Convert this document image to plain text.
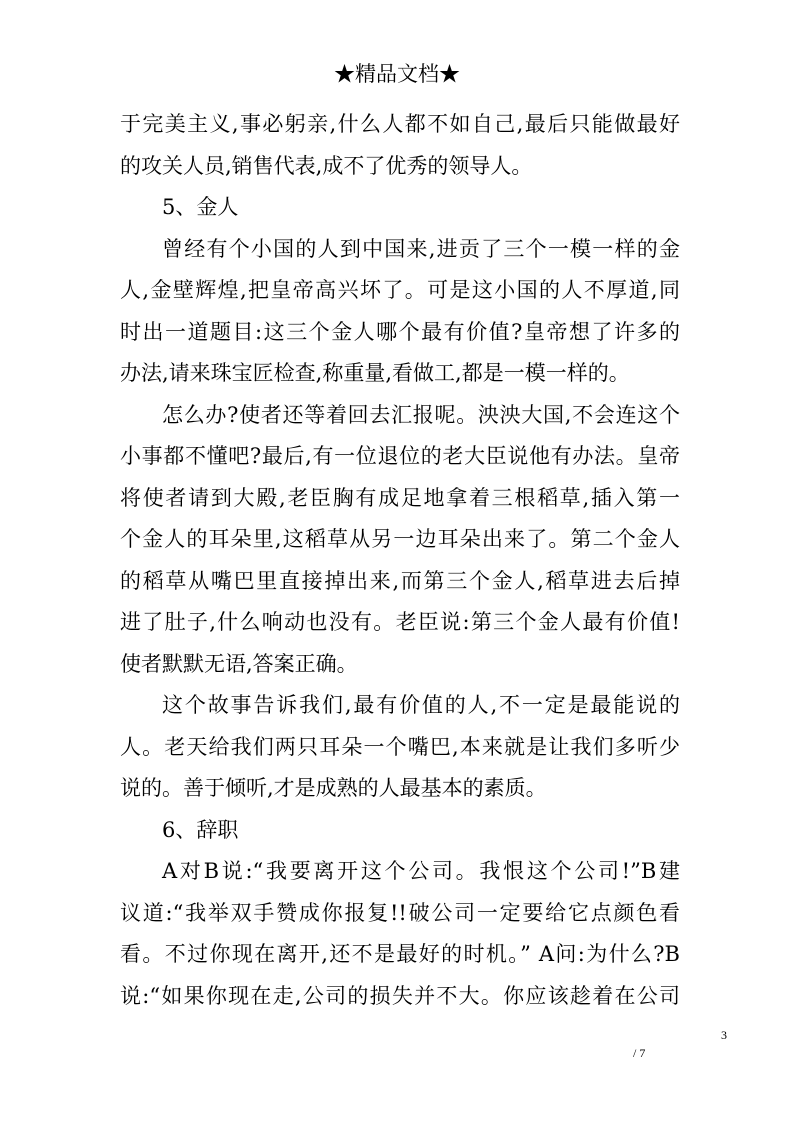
★精品文档★
于完美主义,事必躬亲,什么人都不如自己,最后只能做最好
的攻关人员,销售代表,成不了优秀的领导人。
5、金人
曾经有个小国的人到中国来,进贡了三个一模一样的金
人,金壁辉煌,把皇帝高兴坏了。可是这小国的人不厚道,同
时出一道题目:这三个金人哪个最有价值?皇帝想了许多的
办法,请来珠宝匠检查,称重量,看做工,都是一模一样的。
怎么办?使者还等着回去汇报呢。泱泱大国,不会连这个
小事都不懂吧?最后,有一位退位的老大臣说他有办法。皇帝
将使者请到大殿,老臣胸有成足地拿着三根稻草,插入第一
个金人的耳朵里,这稻草从另一边耳朵出来了。第二个金人
的稻草从嘴巴里直接掉出来,而第三个金人,稻草进去后掉
进了肚子,什么响动也没有。老臣说:第三个金人最有价值!
使者默默无语,答案正确。
这个故事告诉我们,最有价值的人,不一定是最能说的
人。老天给我们两只耳朵一个嘴巴,本来就是让我们多听少
说的。善于倾听,才是成熟的人最基本的素质。
6、辞职
A对B说:“我要离开这个公司。我恨这个公司!”B建
议道:“我举双手赞成你报复!!破公司一定要给它点颜色看
看。不过你现在离开,还不是最好的时机。” A问:为什么?B
说:“如果你现在走,公司的损失并不大。你应该趁着在公司
3
/ 7
